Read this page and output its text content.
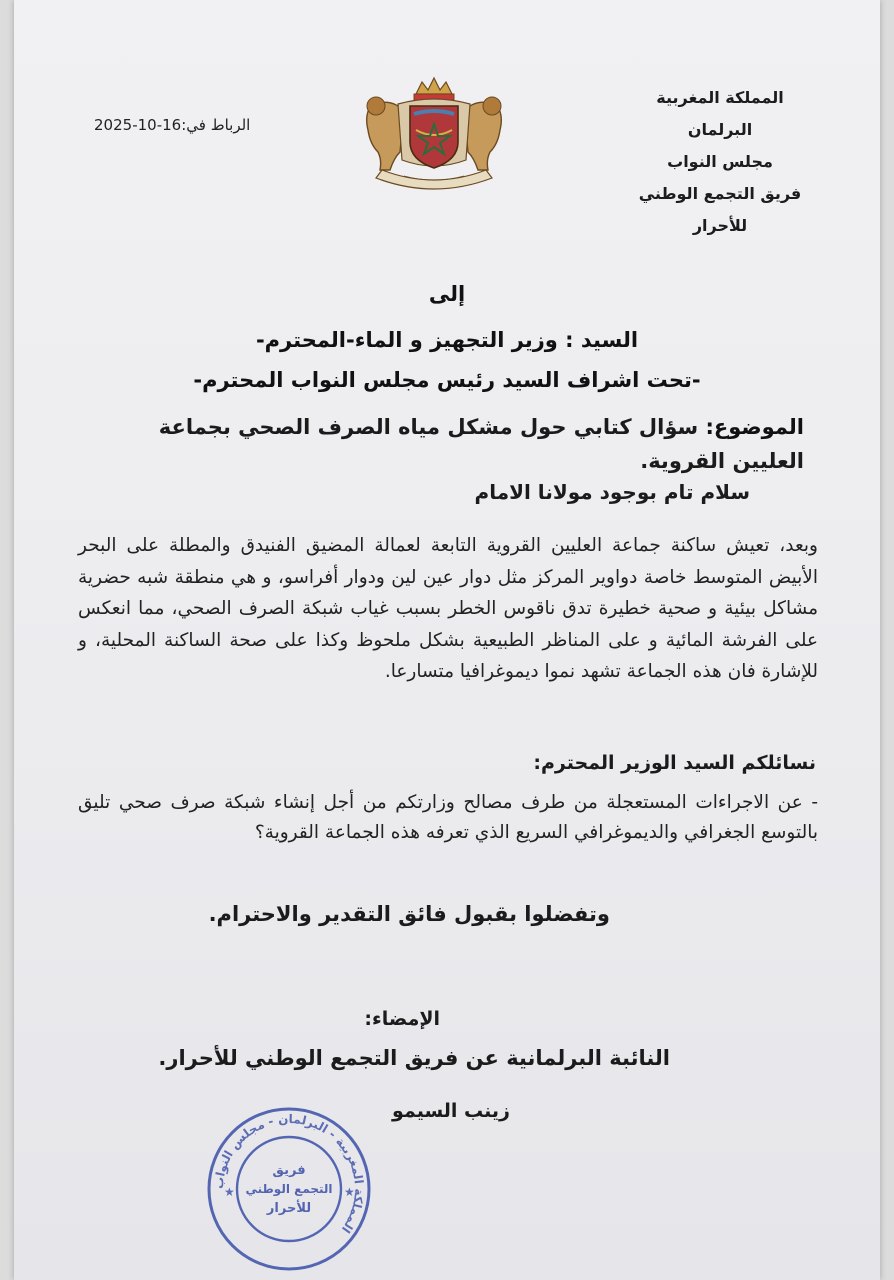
المملكة المغربية
البرلمان
مجلس النواب
فريق التجمع الوطني للأحرار
الرباط في:16-10-2025
إلى
السيد : وزير التجهيز و الماء-المحترم-
-تحت اشراف السيد رئيس مجلس النواب المحترم-
الموضوع: سؤال كتابي حول مشكل مياه الصرف الصحي بجماعة العليين القروية.
سلام تام بوجود مولانا الامام
وبعد، تعيش ساكنة جماعة العليين القروية التابعة لعمالة المضيق الفنيدق والمطلة على البحر الأبيض المتوسط خاصة دواوير المركز مثل دوار عين لين ودوار أفراسو، و هي منطقة شبه حضرية مشاكل بيئية و صحية خطيرة تدق ناقوس الخطر بسبب غياب شبكة الصرف الصحي، مما انعكس على الفرشة المائية و على المناظر الطبيعية بشكل ملحوظ وكذا على صحة الساكنة المحلية، و للإشارة فان هذه الجماعة تشهد نموا ديموغرافيا متسارعا.
نسائلكم السيد الوزير المحترم:
- عن الاجراءات المستعجلة من طرف مصالح وزارتكم من أجل إنشاء شبكة صرف صحي تليق بالتوسع الجغرافي والديموغرافي السريع الذي تعرفه هذه الجماعة القروية؟
وتفضلوا بقبول فائق التقدير والاحترام.
الإمضاء:
النائبة البرلمانية عن فريق التجمع الوطني للأحرار.
زينب السيمو
المملكة المغربية - البرلمان - مجلس النواب
فريق
التجمع الوطني
للأحرار
★	★
